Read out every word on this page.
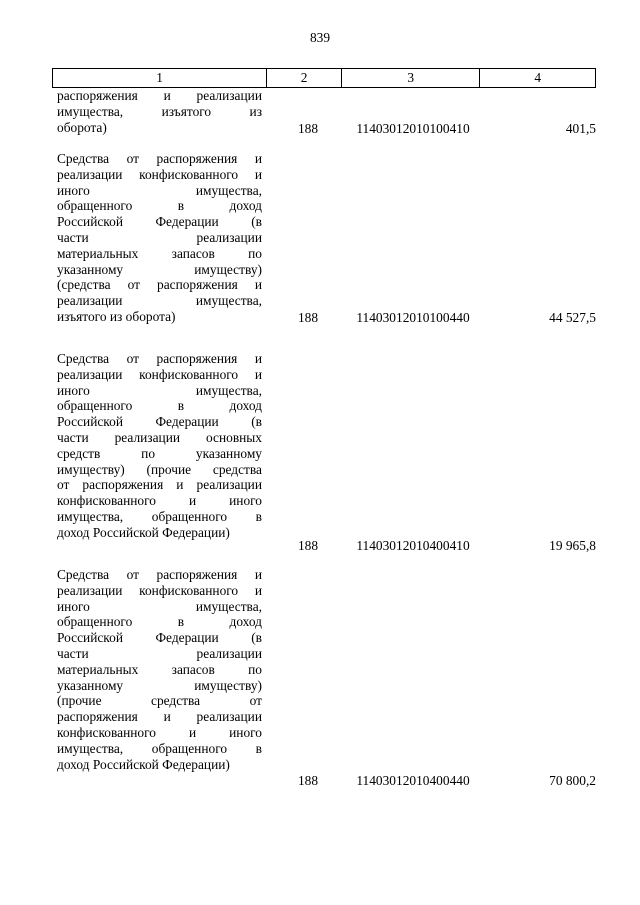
839
1	2	3	4
распоряжения и реализации
имущества, изъятого из
оборота)	188	11403012010100410	401,5
Средства от распоряжения и
реализации конфискованного и
иного имущества,
обращенного в доход
Российской Федерации (в
части реализации
материальных запасов по
указанному имуществу)
(средства от распоряжения и
реализации имущества,
изъятого из оборота)	188	11403012010100440	44 527,5
Средства от распоряжения и
реализации конфискованного и
иного имущества,
обращенного в доход
Российской Федерации (в
части реализации основных
средств по указанному
имуществу) (прочие средства
от распоряжения и реализации
конфискованного и иного
имущества, обращенного в
доход Российской Федерации)
188	11403012010400410	19 965,8
Средства от распоряжения и
реализации конфискованного и
иного имущества,
обращенного в доход
Российской Федерации (в
части реализации
материальных запасов по
указанному имуществу)
(прочие средства от
распоряжения и реализации
конфискованного и иного
имущества, обращенного в
доход Российской Федерации)
188	11403012010400440	70 800,2
